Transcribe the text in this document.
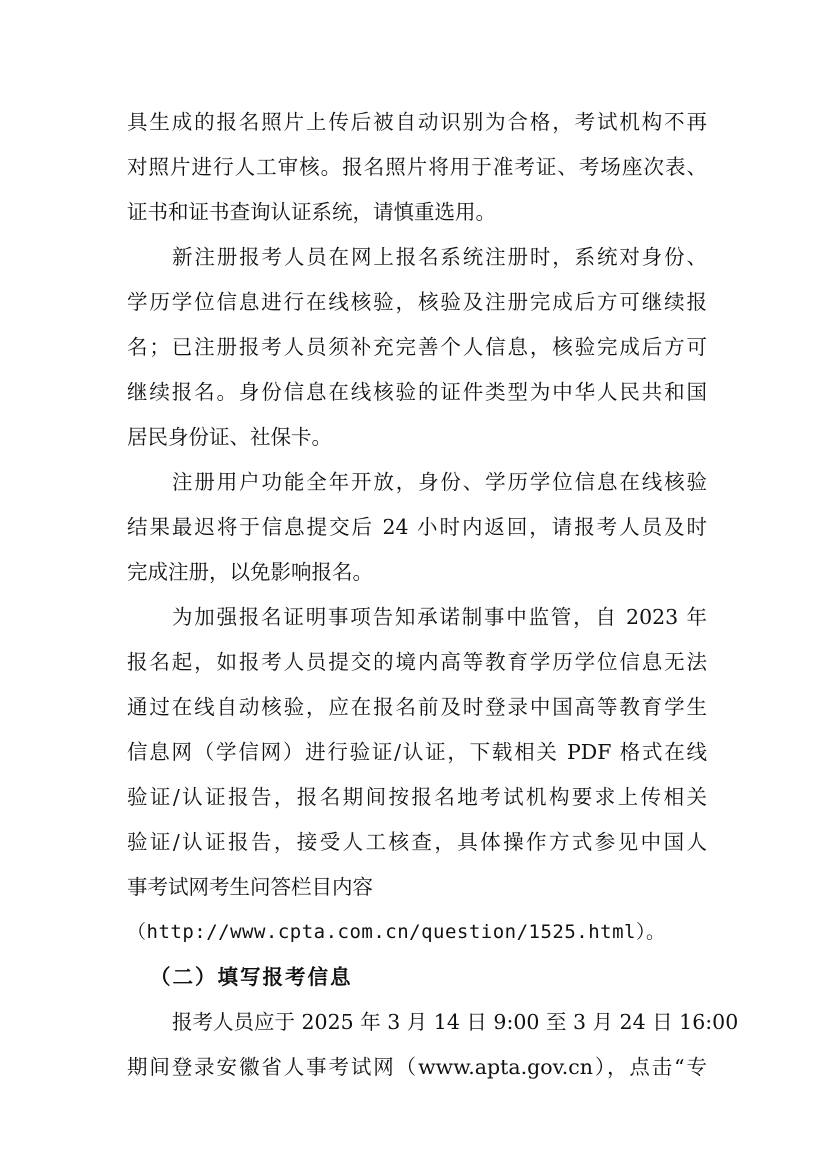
具生成的报名照片上传后被自动识别为合格，考试机构不再
对照片进行人工审核。报名照片将用于准考证、考场座次表、
证书和证书查询认证系统，请慎重选用。
新注册报考人员在网上报名系统注册时，系统对身份、
学历学位信息进行在线核验，核验及注册完成后方可继续报
名；已注册报考人员须补充完善个人信息，核验完成后方可
继续报名。身份信息在线核验的证件类型为中华人民共和国
居民身份证、社保卡。
注册用户功能全年开放，身份、学历学位信息在线核验
结果最迟将于信息提交后 24 小时内返回，请报考人员及时
完成注册，以免影响报名。
为加强报名证明事项告知承诺制事中监管，自 2023 年
报名起，如报考人员提交的境内高等教育学历学位信息无法
通过在线自动核验，应在报名前及时登录中国高等教育学生
信息网（学信网）进行验证/认证，下载相关 PDF 格式在线
验证/认证报告，报名期间按报名地考试机构要求上传相关
验证/认证报告，接受人工核查，具体操作方式参见中国人
事考试网考生问答栏目内容
（http://www.cpta.com.cn/question/1525.html）。
（二）填写报考信息
报考人员应于 2025 年 3 月 14 日 9:00 至 3 月 24 日 16:00
期间登录安徽省人事考试网（www.apta.gov.cn），点击“专
